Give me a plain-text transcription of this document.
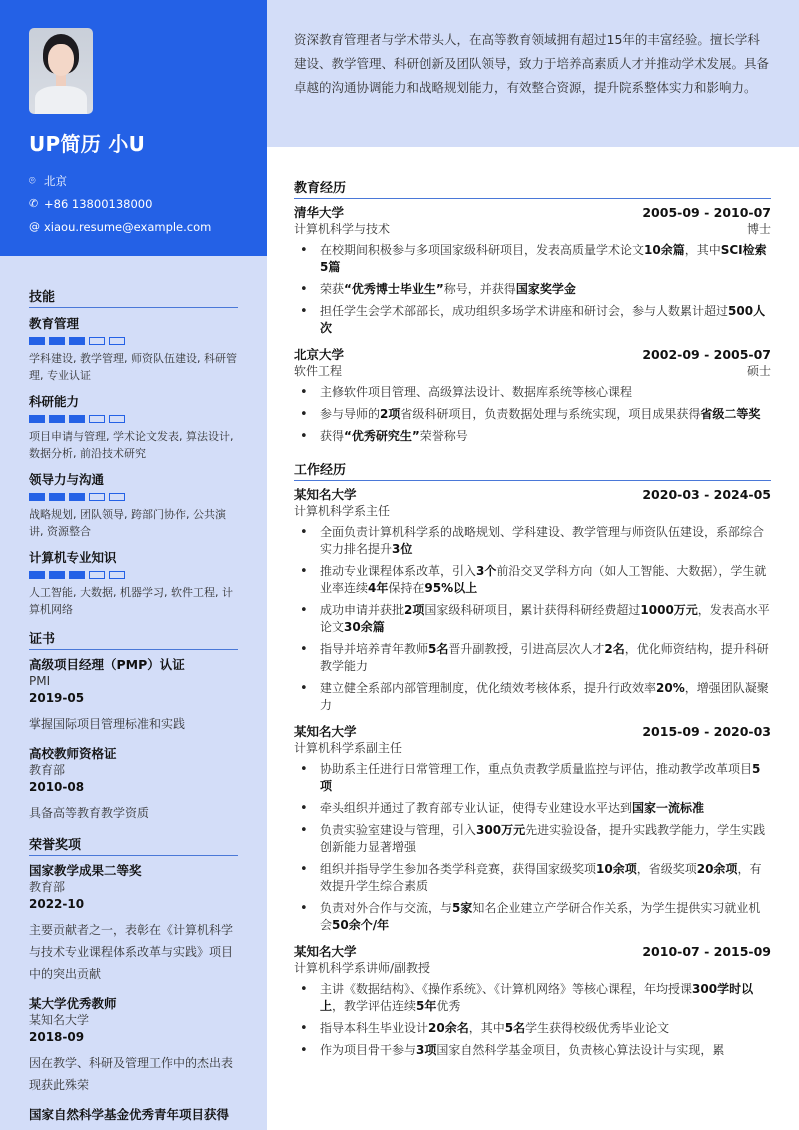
UP简历 小U
⌾ 北京
✆ +86 13800138000
@ xiaou.resume@example.com
技能
教育管理
学科建设, 教学管理, 师资队伍建设, 科研管理, 专业认证
科研能力
项目申请与管理, 学术论文发表, 算法设计, 数据分析, 前沿技术研究
领导力与沟通
战略规划, 团队领导, 跨部门协作, 公共演讲, 资源整合
计算机专业知识
人工智能, 大数据, 机器学习, 软件工程, 计算机网络
证书
高级项目经理（PMP）认证
PMI
2019-05
掌握国际项目管理标准和实践
高校教师资格证
教育部
2010-08
具备高等教育教学资质
荣誉奖项
国家教学成果二等奖
教育部
2022-10
主要贡献者之一，表彰在《计算机科学与技术专业课程体系改革与实践》项目中的突出贡献
某大学优秀教师
某知名大学
2018-09
因在教学、科研及管理工作中的杰出表现获此殊荣
国家自然科学基金优秀青年项目获得
资深教育管理者与学术带头人，在高等教育领域拥有超过15年的丰富经验。擅长学科建设、教学管理、科研创新及团队领导，致力于培养高素质人才并推动学术发展。具备卓越的沟通协调能力和战略规划能力，有效整合资源，提升院系整体实力和影响力。
教育经历
清华大学	2005-09 - 2010-07
计算机科学与技术	博士
• 在校期间积极参与多项国家级科研项目，发表高质量学术论文10余篇，其中SCI检索5篇
• 荣获“优秀博士毕业生”称号，并获得国家奖学金
• 担任学生会学术部部长，成功组织多场学术讲座和研讨会，参与人数累计超过500人次
北京大学	2002-09 - 2005-07
软件工程	硕士
• 主修软件项目管理、高级算法设计、数据库系统等核心课程
• 参与导师的2项省级科研项目，负责数据处理与系统实现，项目成果获得省级二等奖
• 获得“优秀研究生”荣誉称号
工作经历
某知名大学	2020-03 - 2024-05
计算机科学系主任
• 全面负责计算机科学系的战略规划、学科建设、教学管理与师资队伍建设，系部综合实力排名提升3位
• 推动专业课程体系改革，引入3个前沿交叉学科方向（如人工智能、大数据），学生就业率连续4年保持在95%以上
• 成功申请并获批2项国家级科研项目，累计获得科研经费超过1000万元，发表高水平论文30余篇
• 指导并培养青年教师5名晋升副教授，引进高层次人才2名，优化师资结构，提升科研教学能力
• 建立健全系部内部管理制度，优化绩效考核体系，提升行政效率20%，增强团队凝聚力
某知名大学	2015-09 - 2020-03
计算机科学系副主任
• 协助系主任进行日常管理工作，重点负责教学质量监控与评估，推动教学改革项目5项
• 牵头组织并通过了教育部专业认证，使得专业建设水平达到国家一流标准
• 负责实验室建设与管理，引入300万元先进实验设备，提升实践教学能力，学生实践创新能力显著增强
• 组织并指导学生参加各类学科竞赛，获得国家级奖项10余项，省级奖项20余项，有效提升学生综合素质
• 负责对外合作与交流，与5家知名企业建立产学研合作关系，为学生提供实习就业机会50余个/年
某知名大学	2010-07 - 2015-09
计算机科学系讲师/副教授
• 主讲《数据结构》、《操作系统》、《计算机网络》等核心课程，年均授课300学时以上，教学评估连续5年优秀
• 指导本科生毕业设计20余名，其中5名学生获得校级优秀毕业论文
• 作为项目骨干参与3项国家自然科学基金项目，负责核心算法设计与实现，累
